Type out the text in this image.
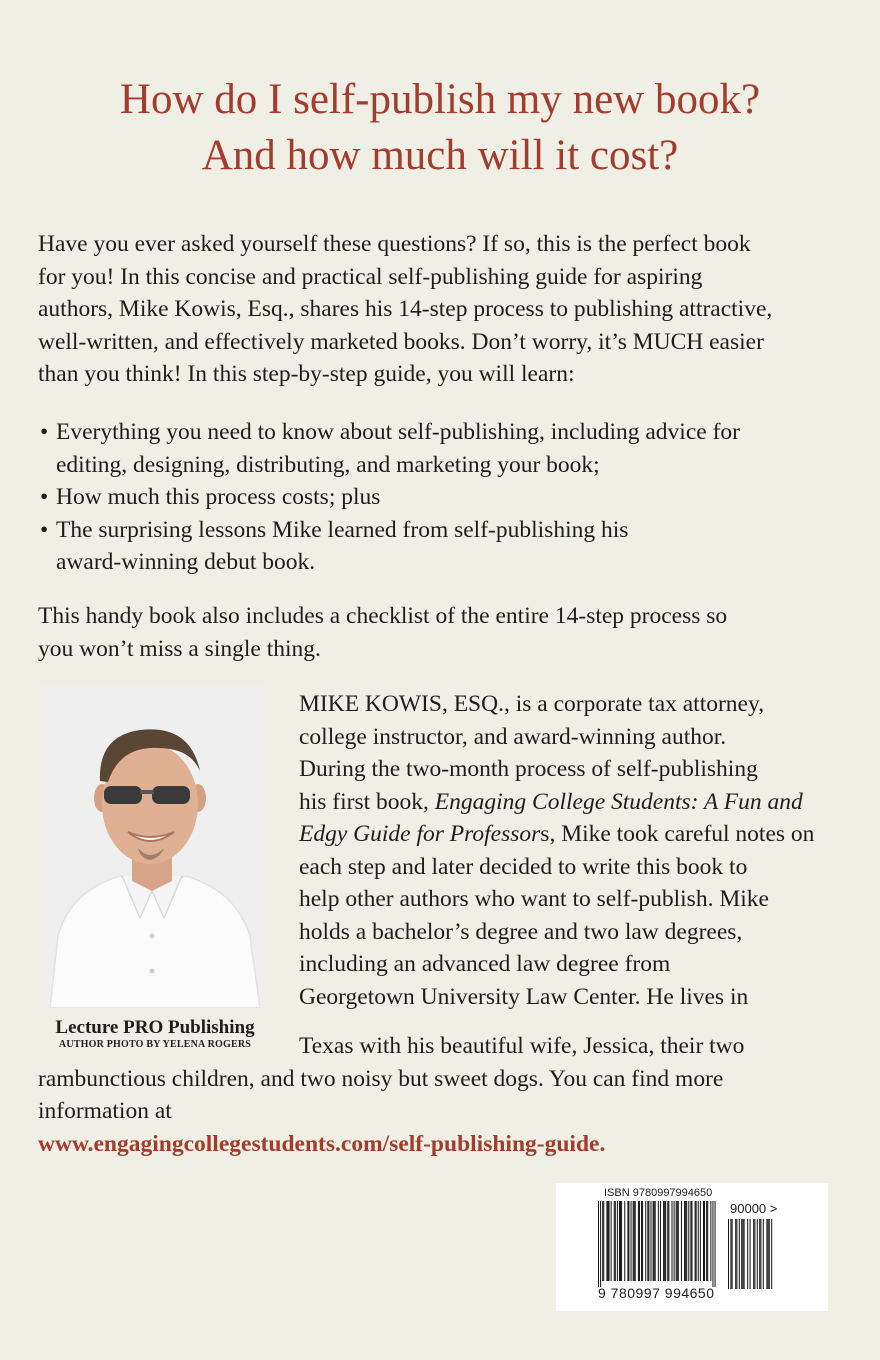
How do I self-publish my new book?
And how much will it cost?
Have you ever asked yourself these questions? If so, this is the perfect book
for you! In this concise and practical self-publishing guide for aspiring
authors, Mike Kowis, Esq., shares his 14-step process to publishing attractive,
well-written, and effectively marketed books. Don’t worry, it’s MUCH easier
than you think! In this step-by-step guide, you will learn:
• Everything you need to know about self-publishing, including advice for
editing, designing, distributing, and marketing your book;
• How much this process costs; plus
• The surprising lessons Mike learned from self-publishing his
award-winning debut book.
This handy book also includes a checklist of the entire 14-step process so
you won’t miss a single thing.
Lecture PRO Publishing
AUTHOR PHOTO BY YELENA ROGERS
MIKE KOWIS, ESQ., is a corporate tax attorney,
college instructor, and award-winning author.
During the two-month process of self-publishing
his first book, Engaging College Students: A Fun and
Edgy Guide for Professors, Mike took careful notes on
each step and later decided to write this book to
help other authors who want to self-publish. Mike
holds a bachelor’s degree and two law degrees,
including an advanced law degree from
Georgetown University Law Center. He lives in
Texas with his beautiful wife, Jessica, their two
rambunctious children, and two noisy but sweet dogs. You can find more
information at
www.engagingcollegestudents.com/self-publishing-guide.
ISBN 9780997994650
90000 >
9 780997 994650
